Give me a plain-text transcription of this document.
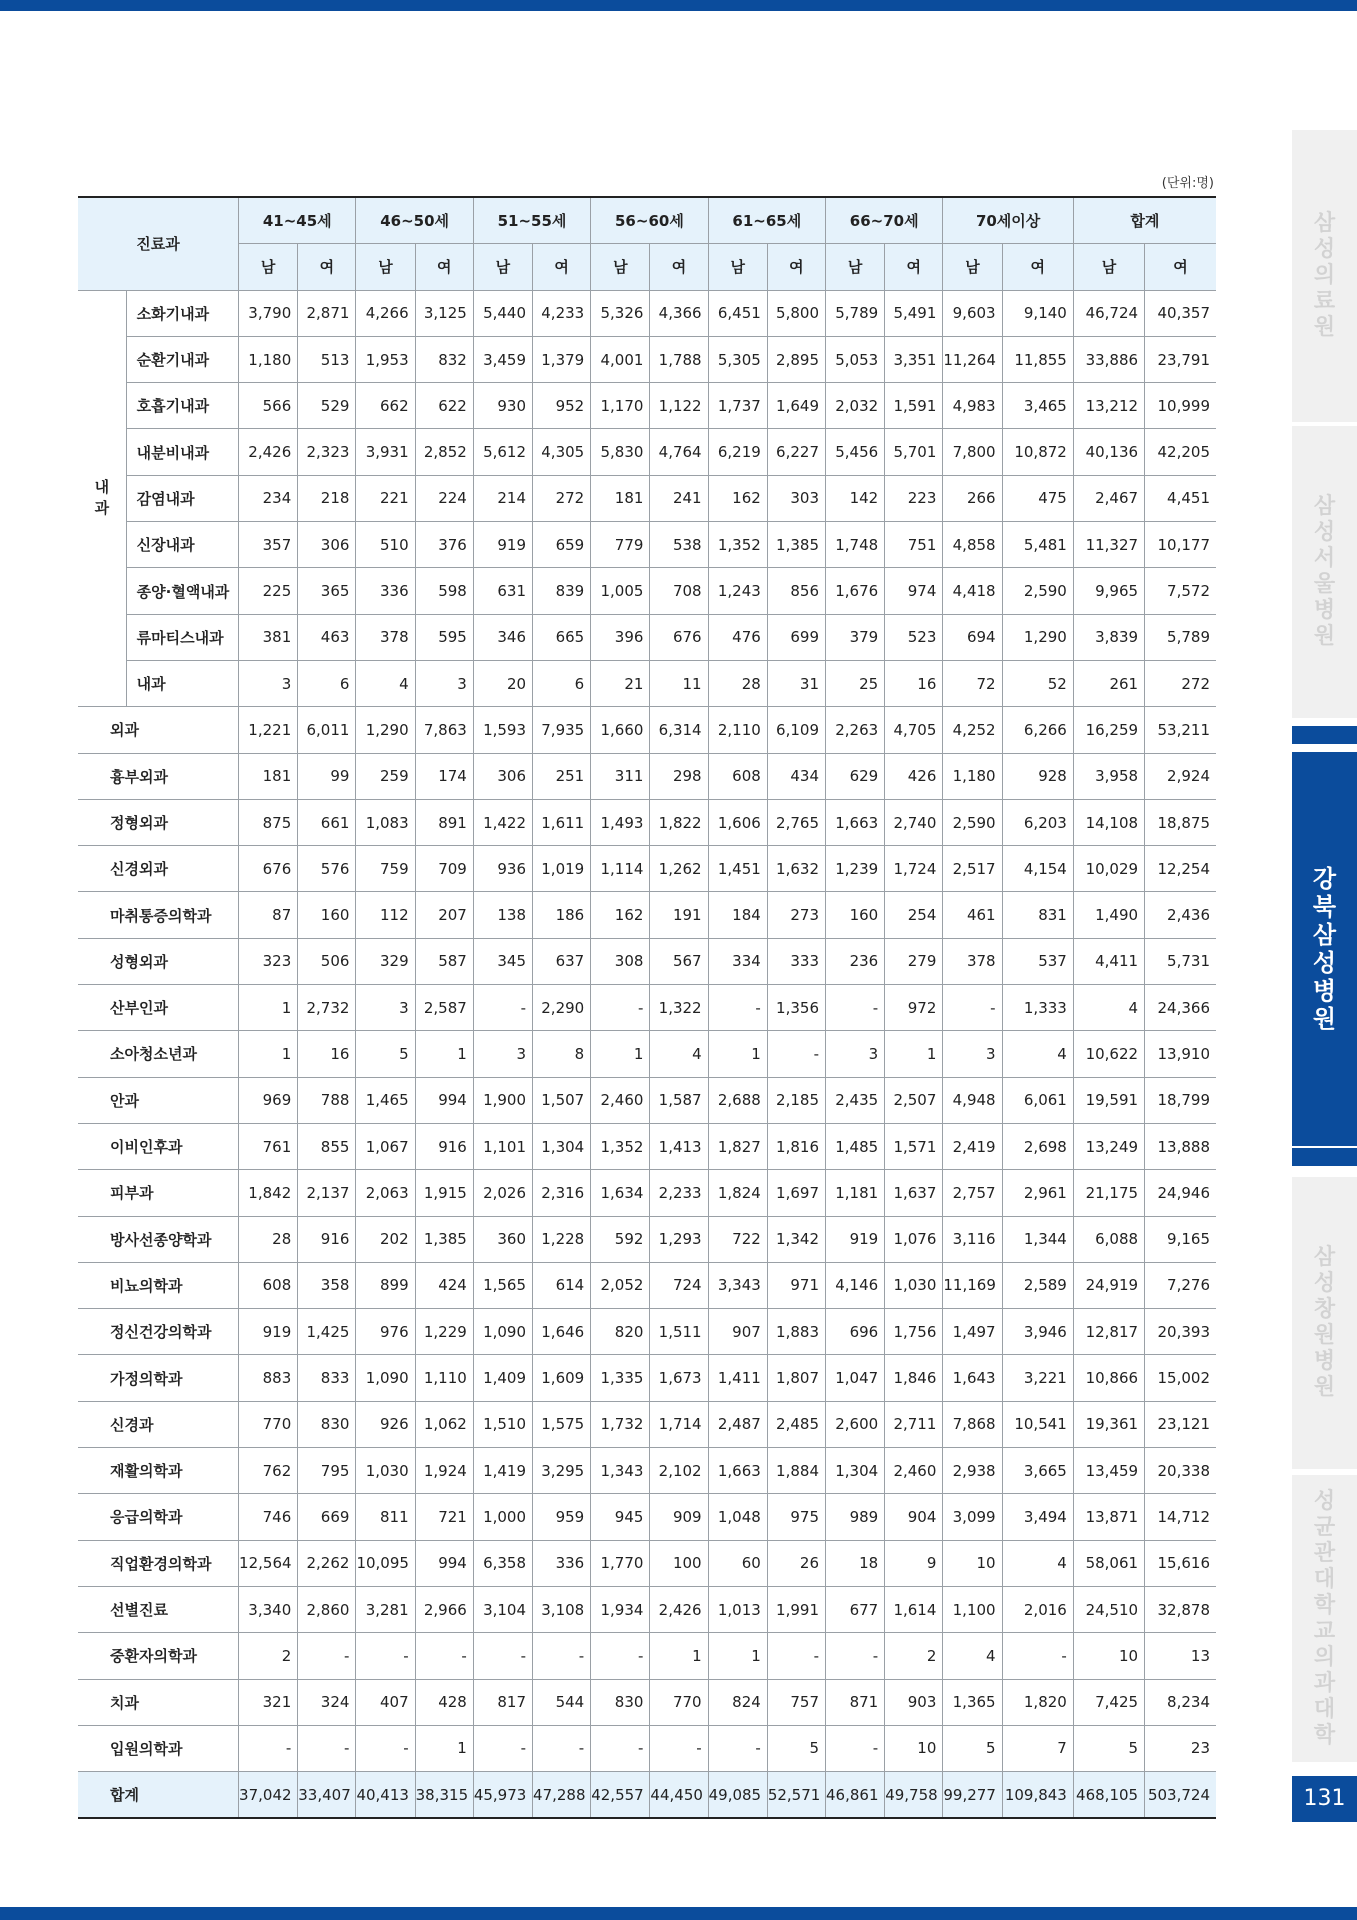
(단위:명)
진료과		41~45세		46~50세		51~55세		56~60세		61~65세		66~70세		70세이상		합계	
		남	여	남	여	남	여	남	여	남	여	남	여	남	여	남	여
내
과	소화기내과	3,790	2,871	4,266	3,125	5,440	4,233	5,326	4,366	6,451	5,800	5,789	5,491	9,603	9,140	46,724	40,357
	순환기내과	1,180	513	1,953	832	3,459	1,379	4,001	1,788	5,305	2,895	5,053	3,351	11,264	11,855	33,886	23,791
	호흡기내과	566	529	662	622	930	952	1,170	1,122	1,737	1,649	2,032	1,591	4,983	3,465	13,212	10,999
	내분비내과	2,426	2,323	3,931	2,852	5,612	4,305	5,830	4,764	6,219	6,227	5,456	5,701	7,800	10,872	40,136	42,205
	감염내과	234	218	221	224	214	272	181	241	162	303	142	223	266	475	2,467	4,451
	신장내과	357	306	510	376	919	659	779	538	1,352	1,385	1,748	751	4,858	5,481	11,327	10,177
	종양·혈액내과	225	365	336	598	631	839	1,005	708	1,243	856	1,676	974	4,418	2,590	9,965	7,572
	류마티스내과	381	463	378	595	346	665	396	676	476	699	379	523	694	1,290	3,839	5,789
	내과	3	6	4	3	20	6	21	11	28	31	25	16	72	52	261	272
외과		1,221	6,011	1,290	7,863	1,593	7,935	1,660	6,314	2,110	6,109	2,263	4,705	4,252	6,266	16,259	53,211
흉부외과		181	99	259	174	306	251	311	298	608	434	629	426	1,180	928	3,958	2,924
정형외과		875	661	1,083	891	1,422	1,611	1,493	1,822	1,606	2,765	1,663	2,740	2,590	6,203	14,108	18,875
신경외과		676	576	759	709	936	1,019	1,114	1,262	1,451	1,632	1,239	1,724	2,517	4,154	10,029	12,254
마취통증의학과		87	160	112	207	138	186	162	191	184	273	160	254	461	831	1,490	2,436
성형외과		323	506	329	587	345	637	308	567	334	333	236	279	378	537	4,411	5,731
산부인과		1	2,732	3	2,587	-	2,290	-	1,322	-	1,356	-	972	-	1,333	4	24,366
소아청소년과		1	16	5	1	3	8	1	4	1	-	3	1	3	4	10,622	13,910
안과		969	788	1,465	994	1,900	1,507	2,460	1,587	2,688	2,185	2,435	2,507	4,948	6,061	19,591	18,799
이비인후과		761	855	1,067	916	1,101	1,304	1,352	1,413	1,827	1,816	1,485	1,571	2,419	2,698	13,249	13,888
피부과		1,842	2,137	2,063	1,915	2,026	2,316	1,634	2,233	1,824	1,697	1,181	1,637	2,757	2,961	21,175	24,946
방사선종양학과		28	916	202	1,385	360	1,228	592	1,293	722	1,342	919	1,076	3,116	1,344	6,088	9,165
비뇨의학과		608	358	899	424	1,565	614	2,052	724	3,343	971	4,146	1,030	11,169	2,589	24,919	7,276
정신건강의학과		919	1,425	976	1,229	1,090	1,646	820	1,511	907	1,883	696	1,756	1,497	3,946	12,817	20,393
가정의학과		883	833	1,090	1,110	1,409	1,609	1,335	1,673	1,411	1,807	1,047	1,846	1,643	3,221	10,866	15,002
신경과		770	830	926	1,062	1,510	1,575	1,732	1,714	2,487	2,485	2,600	2,711	7,868	10,541	19,361	23,121
재활의학과		762	795	1,030	1,924	1,419	3,295	1,343	2,102	1,663	1,884	1,304	2,460	2,938	3,665	13,459	20,338
응급의학과		746	669	811	721	1,000	959	945	909	1,048	975	989	904	3,099	3,494	13,871	14,712
직업환경의학과		12,564	2,262	10,095	994	6,358	336	1,770	100	60	26	18	9	10	4	58,061	15,616
선별진료		3,340	2,860	3,281	2,966	3,104	3,108	1,934	2,426	1,013	1,991	677	1,614	1,100	2,016	24,510	32,878
중환자의학과		2	-	-	-	-	-	-	1	1	-	-	2	4	-	10	13
치과		321	324	407	428	817	544	830	770	824	757	871	903	1,365	1,820	7,425	8,234
입원의학과		-	-	-	1	-	-	-	-	-	5	-	10	5	7	5	23
합계		37,042	33,407	40,413	38,315	45,973	47,288	42,557	44,450	49,085	52,571	46,861	49,758	99,277	109,843	468,105	503,724
삼
성
의
료
원
삼
성
서
울
병
원
강
북
삼
성
병
원
삼
성
창
원
병
원
성
균
관
대
학
교
의
과
대
학
131
